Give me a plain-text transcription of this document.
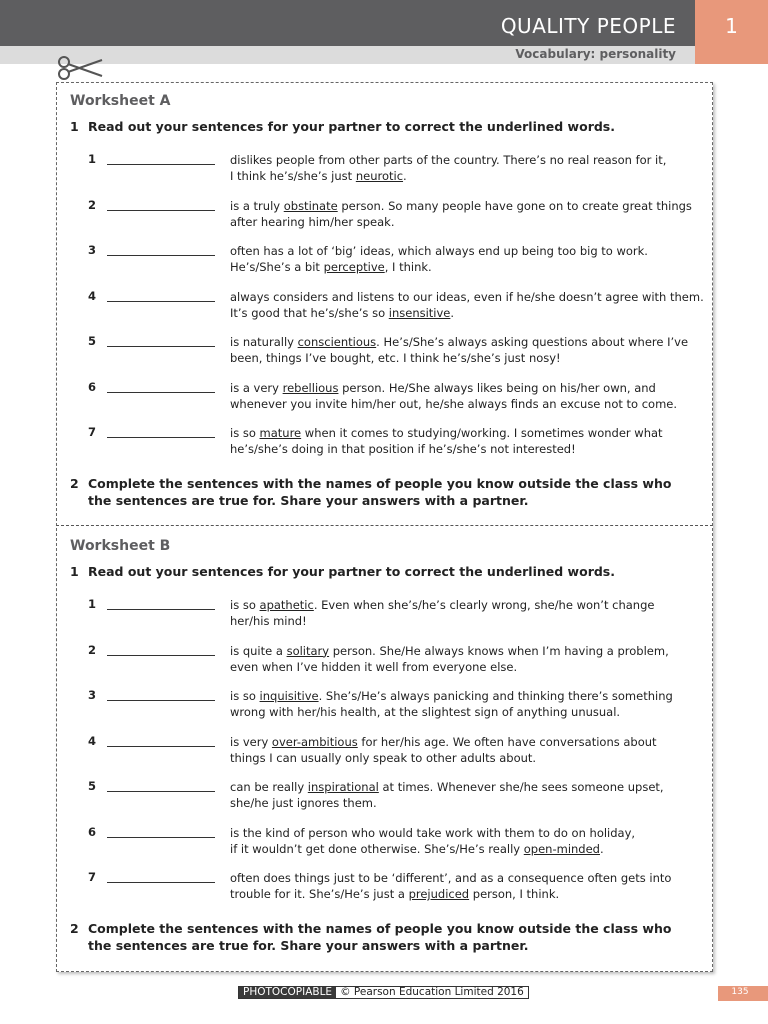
QUALITY PEOPLE	1
Vocabulary: personality
Worksheet A
1 Read out your sentences for your partner to correct the underlined words.
1	dislikes people from other parts of the country. There’s no real reason for it,
I think he’s/she’s just neurotic.
2	is a truly obstinate person. So many people have gone on to create great things
after hearing him/her speak.
3	often has a lot of ‘big’ ideas, which always end up being too big to work.
He’s/She’s a bit perceptive, I think.
4	always considers and listens to our ideas, even if he/she doesn’t agree with them.
It’s good that he’s/she’s so insensitive.
5	is naturally conscientious. He’s/She’s always asking questions about where I’ve
been, things I’ve bought, etc. I think he’s/she’s just nosy!
6	is a very rebellious person. He/She always likes being on his/her own, and
whenever you invite him/her out, he/she always finds an excuse not to come.
7	is so mature when it comes to studying/working. I sometimes wonder what
he’s/she’s doing in that position if he’s/she’s not interested!
2 Complete the sentences with the names of people you know outside the class who the sentences are true for. Share your answers with a partner.
Worksheet B
1 Read out your sentences for your partner to correct the underlined words.
1	is so apathetic. Even when she’s/he’s clearly wrong, she/he won’t change
her/his mind!
2	is quite a solitary person. She/He always knows when I’m having a problem,
even when I’ve hidden it well from everyone else.
3	is so inquisitive. She’s/He’s always panicking and thinking there’s something
wrong with her/his health, at the slightest sign of anything unusual.
4	is very over-ambitious for her/his age. We often have conversations about
things I can usually only speak to other adults about.
5	can be really inspirational at times. Whenever she/he sees someone upset,
she/he just ignores them.
6	is the kind of person who would take work with them to do on holiday,
if it wouldn’t get done otherwise. She’s/He’s really open-minded.
7	often does things just to be ‘different’, and as a consequence often gets into
trouble for it. She’s/He’s just a prejudiced person, I think.
2 Complete the sentences with the names of people you know outside the class who the sentences are true for. Share your answers with a partner.
PHOTOCOPIABLE © Pearson Education Limited 2016	135
